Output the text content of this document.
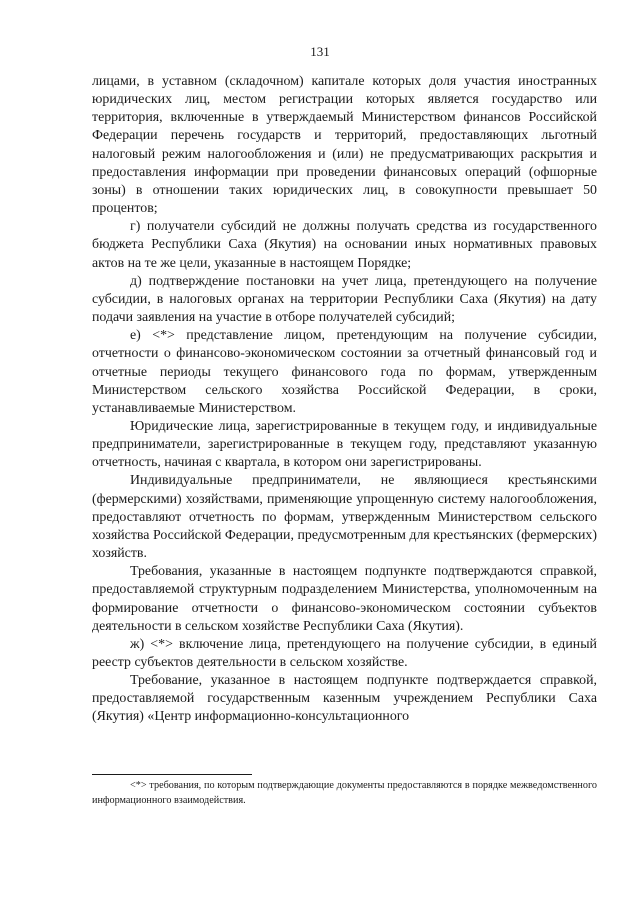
131

лицами, в уставном (складочном) капитале которых доля участия иностранных юридических лиц, местом регистрации которых является государство или территория, включенные в утверждаемый Министерством финансов Российской Федерации перечень государств и территорий, предоставляющих льготный налоговый режим налогообложения и (или) не предусматривающих раскрытия и предоставления информации при проведении финансовых операций (офшорные зоны) в отношении таких юридических лиц, в совокупности превышает 50 процентов;

г) получатели субсидий не должны получать средства из государственного бюджета Республики Саха (Якутия) на основании иных нормативных правовых актов на те же цели, указанные в настоящем Порядке;

д) подтверждение постановки на учет лица, претендующего на получение субсидии, в налоговых органах на территории Республики Саха (Якутия) на дату подачи заявления на участие в отборе получателей субсидий;

е) <*> представление лицом, претендующим на получение субсидии, отчетности о финансово-экономическом состоянии за отчетный финансовый год и отчетные периоды текущего финансового года по формам, утвержденным Министерством сельского хозяйства Российской Федерации, в сроки, устанавливаемые Министерством.

Юридические лица, зарегистрированные в текущем году, и индивидуальные предприниматели, зарегистрированные в текущем году, представляют указанную отчетность, начиная с квартала, в котором они зарегистрированы.

Индивидуальные предприниматели, не являющиеся крестьянскими (фермерскими) хозяйствами, применяющие упрощенную систему налогообложения, предоставляют отчетность по формам, утвержденным Министерством сельского хозяйства Российской Федерации, предусмотренным для крестьянских (фермерских) хозяйств.

Требования, указанные в настоящем подпункте подтверждаются справкой, предоставляемой структурным подразделением Министерства, уполномоченным на формирование отчетности о финансово-экономическом состоянии субъектов деятельности в сельском хозяйстве Республики Саха (Якутия).

ж) <*> включение лица, претендующего на получение субсидии, в единый реестр субъектов деятельности в сельском хозяйстве.

Требование, указанное в настоящем подпункте подтверждается справкой, предоставляемой государственным казенным учреждением Республики Саха (Якутия) «Центр информационно-консультационного

<*> требования, по которым подтверждающие документы предоставляются в порядке межведомственного информационного взаимодействия.
